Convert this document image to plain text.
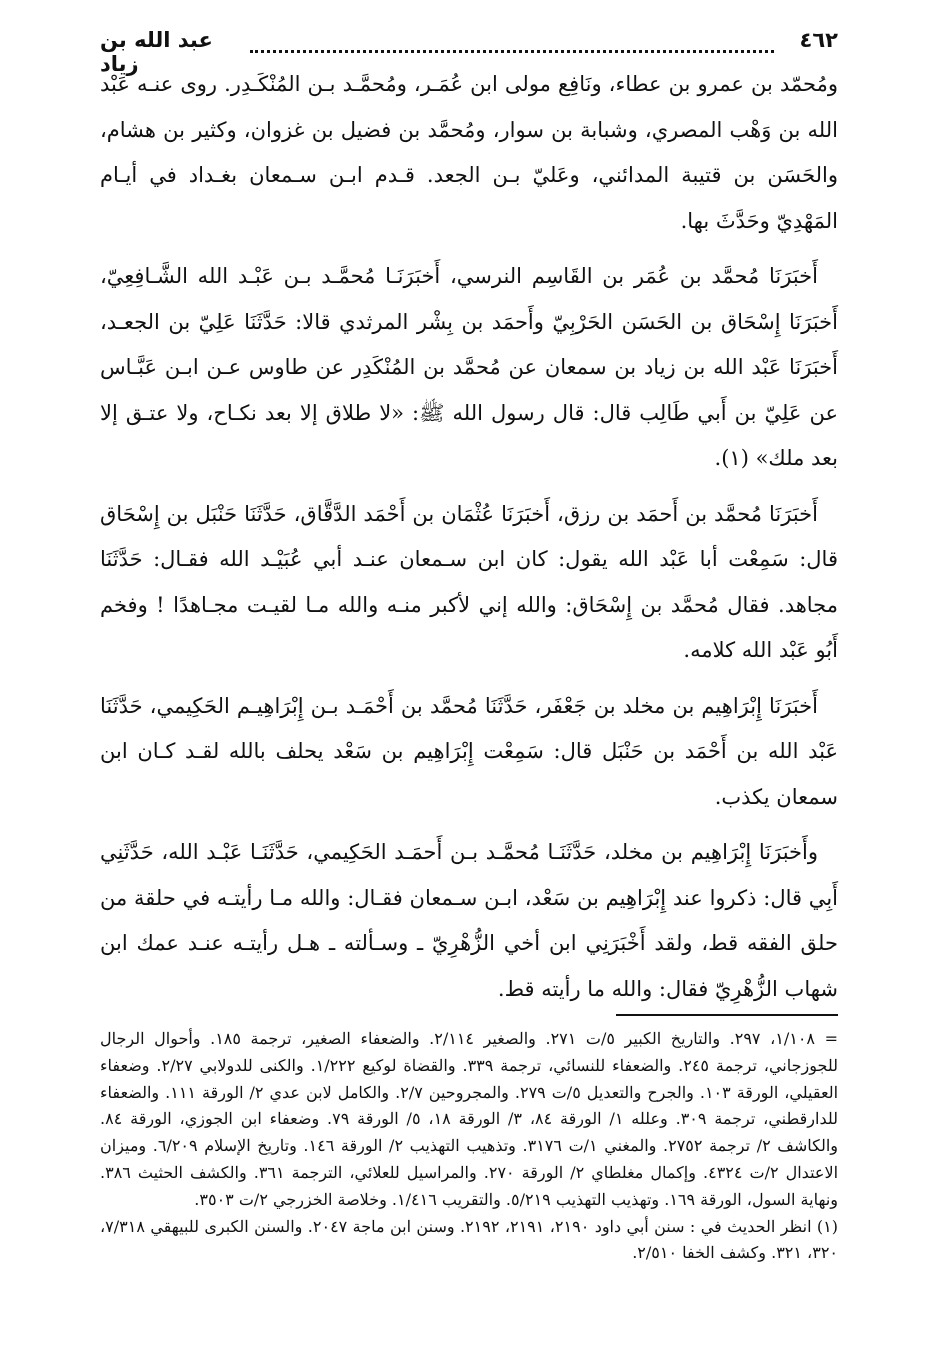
٤٦٢
عبد الله بن زياد

ومُحمّد بن عمرو بن عطاء، ونَافِع مولى ابن عُمَـر، ومُحمَّـد بـن المُنْكَـدِر. روى عنـه عَبْد الله بن وَهْب المصري، وشبابة بن سوار، ومُحمَّد بن فضيل بن غزوان، وكثير بن هشام، والحَسَن بن قتيبة المدائني، وعَليّ بـن الجعد. قـدم ابـن سـمعان بغـداد في أيـام المَهْدِيّ وحَدَّثَ بها.

أَخبَرَنَا مُحمَّد بن عُمَر بن القَاسِم النرسي، أَخبَرَنَـا مُحمَّـد بـن عَبْـد الله الشَّـافِعِيّ، أَخبَرَنَا إِسْحَاق بن الحَسَن الحَرْبِيّ وأَحمَد بن بِشْر المرثدي قالا: حَدَّثَنَا عَلِيّ بن الجعـد، أَخبَرَنَا عَبْد الله بن زياد بن سمعان عن مُحمَّد بن المُنْكَدِر عن طاوس عـن ابـن عَبَّـاس عن عَلِيّ بن أَبي طَالِب قال: قال رسول الله ﷺ: «لا طلاق إلا بعد نكـاح، ولا عتـق إلا بعد ملك» (١).

أَخبَرَنَا مُحمَّد بن أَحمَد بن رزق، أَخبَرَنَا عُثْمَان بن أَحْمَد الدَّقَّاق، حَدَّثَنَا حَنْبَل بن إِسْحَاق قال: سَمِعْت أبا عَبْد الله يقول: كان ابن سـمعان عنـد أبي عُبَيْـد الله فقـال: حَدَّثَنَا مجاهد. فقال مُحمَّد بن إِسْحَاق: والله إني لأكبر منـه والله مـا لقيـت مجـاهدًا ! وفخم أَبُو عَبْد الله كلامه.

أَخبَرَنَا إِبْرَاهِيم بن مخلد بن جَعْفَر، حَدَّثَنَا مُحمَّد بن أَحْمَـد بـن إِبْرَاهِيـم الحَكِيمي، حَدَّثَنَا عَبْد الله بن أَحْمَد بن حَنْبَل قال: سَمِعْت إِبْرَاهِيم بن سَعْد يحلف بالله لقـد كـان ابن سمعان يكذب.

وأَخبَرَنَا إِبْرَاهِيم بن مخلد، حَدَّثَنَـا مُحمَّـد بـن أَحمَـد الحَكِيمي، حَدَّثَنَـا عَبْـد الله، حَدَّثَنِي أَبِي قال: ذكروا عند إِبْرَاهِيم بن سَعْد، ابـن سـمعان فقـال: والله مـا رأيتـه في حلقة من حلق الفقه قط، ولقد أَخْبَرَنِي ابن أخي الزُّهْرِيّ ـ وسـألته ـ هـل رأيتـه عنـد عمك ابن شهاب الزُّهْرِيّ فقال: والله ما رأيته قط.

= ١/١٠٨، ٢٩٧. والتاريخ الكبير ٥/ت ٢٧١. والصغير ٢/١١٤. والضعفاء الصغير، ترجمة ١٨٥. وأحوال الرجال للجوزجاني، ترجمة ٢٤٥. والضعفاء للنسائي، ترجمة ٣٣٩. والقضاة لوكيع ١/٢٢٢. والكنى للدولابي ٢/٢٧. وضعفاء العقيلي، الورقة ١٠٣. والجرح والتعديل ٥/ت ٢٧٩. والمجروحين ٢/٧. والكامل لابن عدي ٢/ الورقة ١١١. والضعفاء للدارقطني، ترجمة ٣٠٩. وعلله ١/ الورقة ٨٤، ٣/ الورقة ١٨، ٥/ الورقة ٧٩. وضعفاء ابن الجوزي، الورقة ٨٤. والكاشف ٢/ ترجمة ٢٧٥٢. والمغني ١/ت ٣١٧٦. وتذهيب التهذيب ٢/ الورقة ١٤٦. وتاريخ الإسلام ٦/٢٠٩. وميزان الاعتدال ٢/ت ٤٣٢٤. وإكمال مغلطاي ٢/ الورقة ٢٧٠. والمراسيل للعلائي، الترجمة ٣٦١. والكشف الحثيث ٣٨٦. ونهاية السول، الورقة ١٦٩. وتهذيب التهذيب ٥/٢١٩. والتقريب ١/٤١٦. وخلاصة الخزرجي ٢/ت ٣٥٠٣.

(١) انظر الحديث في : سنن أبي داود ٢١٩٠، ٢١٩١، ٢١٩٢. وسنن ابن ماجة ٢٠٤٧. والسنن الكبرى للبيهقي ٧/٣١٨، ٣٢٠، ٣٢١. وكشف الخفا ٢/٥١٠.
